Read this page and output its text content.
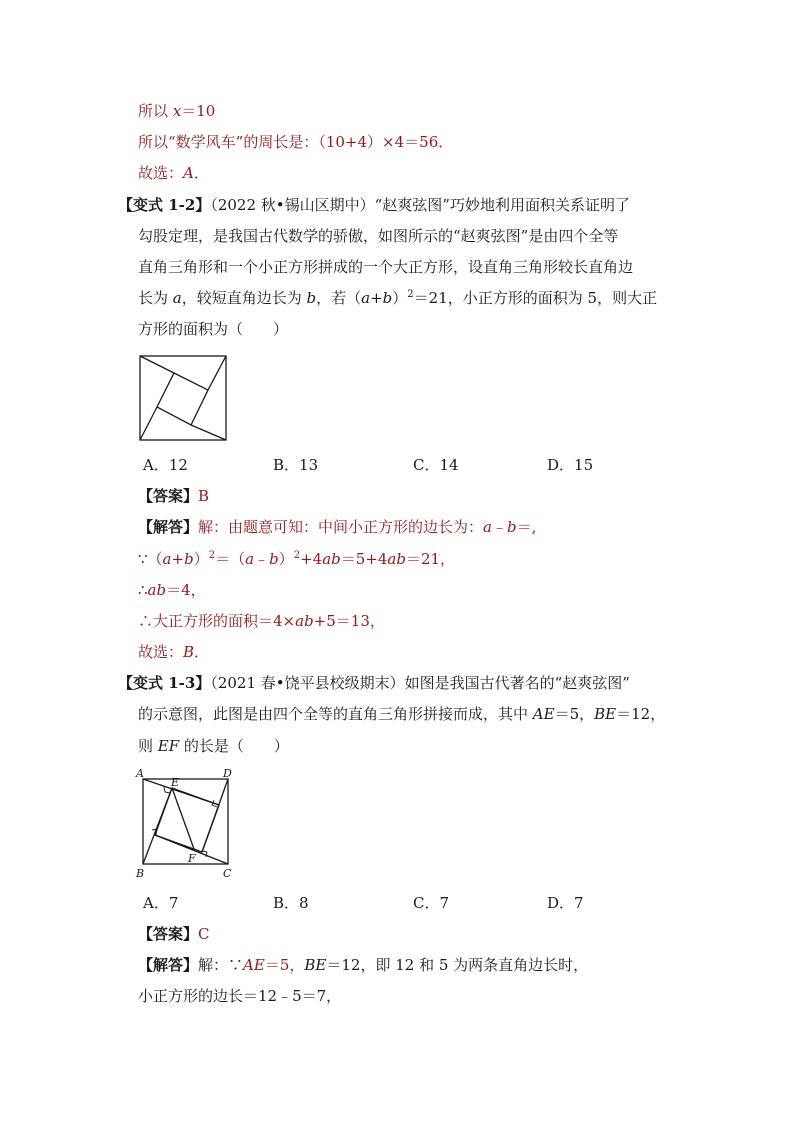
所以 x＝10
所以“数学风车”的周长是：（10+4）×4＝56．
故选：A．
【变式 1-2】（2022 秋•锡山区期中）“赵爽弦图”巧妙地利用面积关系证明了
勾股定理，是我国古代数学的骄傲，如图所示的“赵爽弦图”是由四个全等
直角三角形和一个小正方形拼成的一个大正方形，设直角三角形较长直角边
长为 a，较短直角边长为 b，若$(a+b)^2=21$，小正方形的面积为 5，则大正
方形的面积为（　　）
A．12	B．13	C．14	D．15
【答案】B
【解答】解：由题意可知：中间小正方形的边长为：a﹣b＝,
$\because(a+b)^2=(a﹣b)^2+4ab=5+4ab=21$，
∴ab＝4，
∴大正方形的面积＝4×ab+5＝13，
故选：B．
【变式 1-3】（2021 春•饶平县校级期末）如图是我国古代著名的“赵爽弦图”
的示意图，此图是由四个全等的直角三角形拼接而成，其中 AE＝5，BE＝12，
则 EF 的长是（　　）
A	D
E
B
F
C
A．7	B．8	C．7	D．7
【答案】C
【解答】解：∵AE＝5，BE＝12，即 12 和 5 为两条直角边长时，
小正方形的边长＝12﹣5＝7，
